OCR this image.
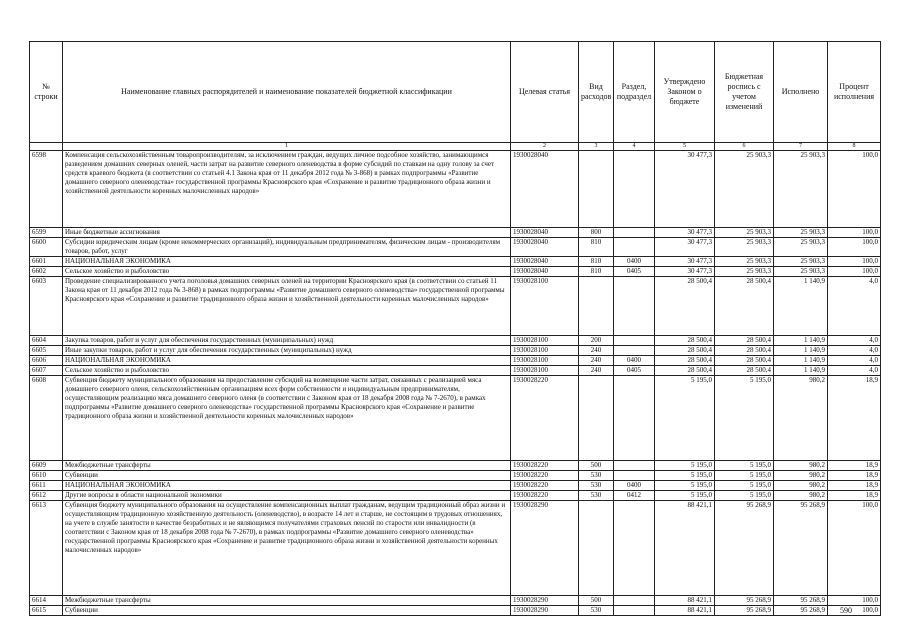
№ строки	Наименование главных распорядителей и наименование показателей бюджетной классификации	Целевая статья	Вид расходов	Раздел, подраздел	Утверждено Законом о бюджете	Бюджетная роспись с учетом изменений	Исполнено	Процент исполнения
	1	2	3	4	5	6	7	8
6598	Компенсация сельскохозяйственным товаропроизводителям, за исключением граждан, ведущих личное подсобное хозяйство, занимающимся разведением домашних северных оленей, части затрат на развитие северного оленеводства в форме субсидий по ставкам на одну голову за счет средств краевого бюджета (в соответствии со статьей 4.1 Закона края от 11 декабря 2012 года № 3-868) в рамках подпрограммы «Развитие домашнего северного оленеводства» государственной программы Красноярского края «Сохранение и развитие традиционного образа жизни и хозяйственной деятельности коренных малочисленных народов»	1930028040			30 477,3	25 903,3	25 903,3	100,0
6599	Иные бюджетные ассигнования	1930028040	800		30 477,3	25 903,3	25 903,3	100,0
6600	Субсидии юридическим лицам (кроме некоммерческих организаций), индивидуальным предпринимателям, физическим лицам - производителям товаров, работ, услуг	1930028040	810		30 477,3	25 903,3	25 903,3	100,0
6601	НАЦИОНАЛЬНАЯ ЭКОНОМИКА	1930028040	810	0400	30 477,3	25 903,3	25 903,3	100,0
6602	Сельское хозяйство и рыболовство	1930028040	810	0405	30 477,3	25 903,3	25 903,3	100,0
6603	Проведение специализированного учета поголовья домашних северных оленей на территории Красноярского края (в соответствии со статьей 11 Закона края от 11 декабря 2012 года № 3-868) в рамках подпрограммы «Развитие домашнего северного оленеводства» государственной программы Красноярского края «Сохранение и развитие традиционного образа жизни и хозяйственной деятельности коренных малочисленных народов»	1930028100			28 500,4	28 500,4	1 140,9	4,0
6604	Закупка товаров, работ и услуг для обеспечения государственных (муниципальных) нужд	1930028100	200		28 500,4	28 500,4	1 140,9	4,0
6605	Иные закупки товаров, работ и услуг для обеспечения государственных (муниципальных) нужд	1930028100	240		28 500,4	28 500,4	1 140,9	4,0
6606	НАЦИОНАЛЬНАЯ ЭКОНОМИКА	1930028100	240	0400	28 500,4	28 500,4	1 140,9	4,0
6607	Сельское хозяйство и рыболовство	1930028100	240	0405	28 500,4	28 500,4	1 140,9	4,0
6608	Субвенция бюджету муниципального образования на предоставление субсидий на возмещение части затрат, связанных с реализацией мяса домашнего северного оленя, сельскохозяйственным организациям всех форм собственности и индивидуальным предпринимателям, осуществляющим реализацию мяса домашнего северного оленя (в соответствии с Законом края от 18 декабря 2008 года № 7-2670), в рамках подпрограммы «Развитие домашнего северного оленеводства» государственной программы Красноярского края «Сохранение и развитие традиционного образа жизни и хозяйственной деятельности коренных малочисленных народов»	1930028220			5 195,0	5 195,0	980,2	18,9
6609	Межбюджетные трансферты	1930028220	500		5 195,0	5 195,0	980,2	18,9
6610	Субвенции	1930028220	530		5 195,0	5 195,0	980,2	18,9
6611	НАЦИОНАЛЬНАЯ ЭКОНОМИКА	1930028220	530	0400	5 195,0	5 195,0	980,2	18,9
6612	Другие вопросы в области национальной экономики	1930028220	530	0412	5 195,0	5 195,0	980,2	18,9
6613	Субвенция бюджету муниципального образования на осуществление компенсационных выплат гражданам, ведущим традиционный образ жизни и осуществляющим традиционную хозяйственную деятельность (оленеводство), в возрасте 14 лет и старше, не состоящим в трудовых отношениях, на учете в службе занятости в качестве безработных и не являющимся получателями страховых пенсий по старости или инвалидности (в соответствии с Законом края от 18 декабря 2008 года № 7-2670), в рамках подпрограммы «Развитие домашнего северного оленеводства» государственной программы Красноярского края «Сохранение и развитие традиционного образа жизни и хозяйственной деятельности коренных малочисленных народов»	1930028290			88 421,1	95 268,9	95 268,9	100,0
6614	Межбюджетные трансферты	1930028290	500		88 421,1	95 268,9	95 268,9	100,0
6615	Субвенции	1930028290	530		88 421,1	95 268,9	95 268,9	100,0
590
